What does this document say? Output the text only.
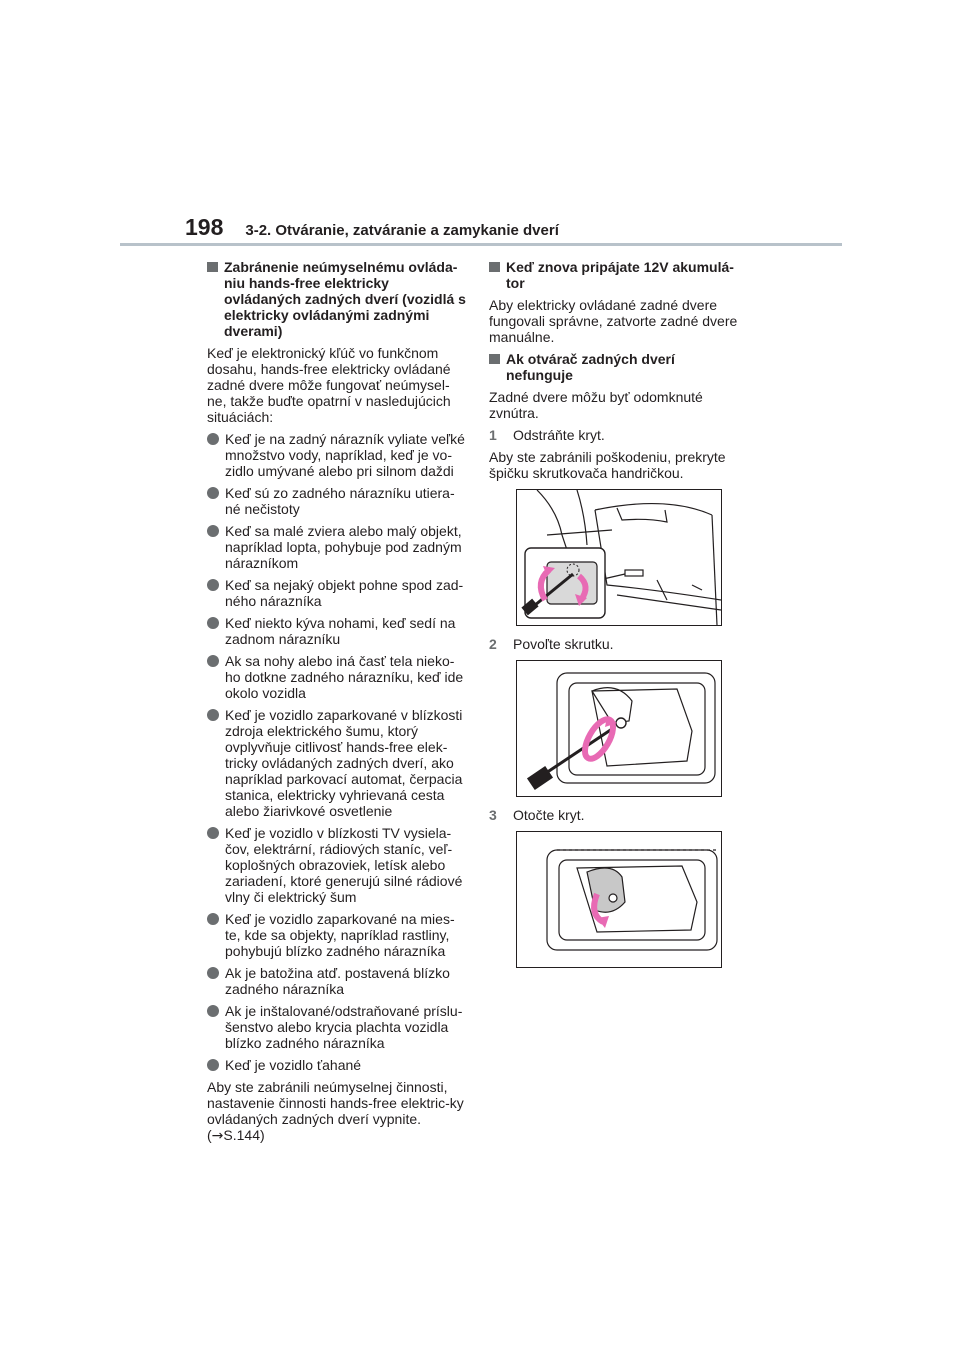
198 3-2. Otváranie, zatváranie a zamykanie dverí
Zabránenie neúmyselnému ovláda-niu hands-free elektricky ovládaných zadných dverí (vozidlá s elektricky ovládanými zadnými dverami)

Keď je elektronický kľúč vo funkčnom dosahu, hands-free elektricky ovládané zadné dvere môže fungovať neúmysel-ne, takže buďte opatrní v nasledujúcich situáciách:

Keď je na zadný nárazník vyliate veľké množstvo vody, napríklad, keď je vo-zidlo umývané alebo pri silnom daždi
Keď sú zo zadného nárazníku utiera-né nečistoty
Keď sa malé zviera alebo malý objekt, napríklad lopta, pohybuje pod zadným nárazníkom
Keď sa nejaký objekt pohne spod zad-ného nárazníka
Keď niekto kýva nohami, keď sedí na zadnom nárazníku
Ak sa nohy alebo iná časť tela nieko-ho dotkne zadného nárazníku, keď ide okolo vozidla
Keď je vozidlo zaparkované v blízkosti zdroja elektrického šumu, ktorý ovplyvňuje citlivosť hands-free elek-tricky ovládaných zadných dverí, ako napríklad parkovací automat, čerpacia stanica, elektricky vyhrievaná cesta alebo žiarivkové osvetlenie
Keď je vozidlo v blízkosti TV vysiela-čov, elektrární, rádiových staníc, veľ-koplošných obrazoviek, letísk alebo zariadení, ktoré generujú silné rádiové vlny či elektrický šum
Keď je vozidlo zaparkované na mies-te, kde sa objekty, napríklad rastliny, pohybujú blízko zadného nárazníka
Ak je batožina atď. postavená blízko zadného nárazníka
Ak je inštalované/odstraňované príslu-šenstvo alebo krycia plachta vozidla blízko zadného nárazníka
Keď je vozidlo ťahané

Aby ste zabránili neúmyselnej činnosti, nastavenie činnosti hands-free elektric-ky ovládaných zadných dverí vypnite.
(→S.144)

Keď znova pripájate 12V akumulá-tor

Aby elektricky ovládané zadné dvere fungovali správne, zatvorte zadné dvere manuálne.

Ak otvárač zadných dverí nefunguje

Zadné dvere môžu byť odomknuté zvnútra.

1	Odstráňte kryt.

Aby ste zabránili poškodeniu, prekryte špičku skrutkovača handričkou.

2	Povoľte skrutku.
3	Otočte kryt.
